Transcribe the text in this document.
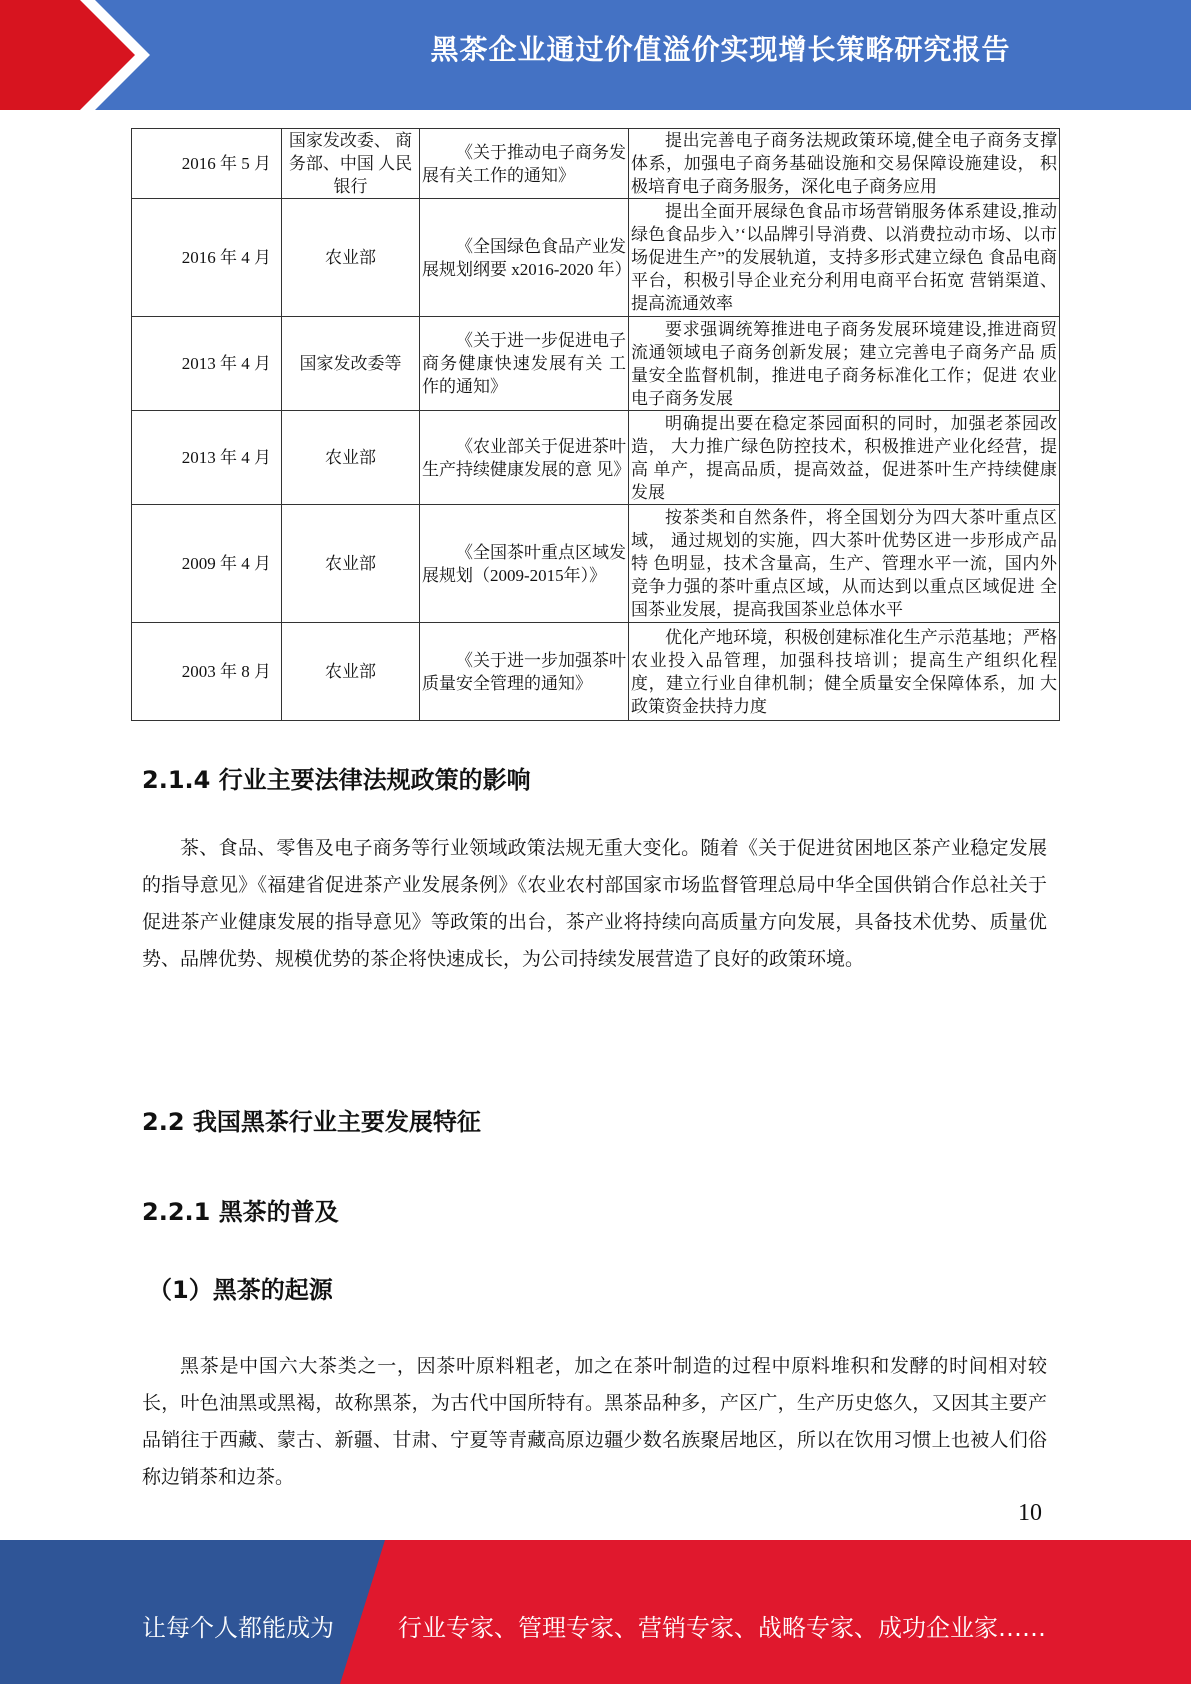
黑茶企业通过价值溢价实现增长策略研究报告
2016 年 5 月	国家发改委、 商务部、中国 人民银行	《关于推动电子商务发 展有关工作的通知》	提出完善电子商务法规政策环境,健全电子商务支撑体系，加强电子商务基础设施和交易保障设施建设， 积极培育电子商务服务，深化电子商务应用
2016 年 4 月	农业部	《全国绿色食品产业发 展规划纲要 x2016-2020 年）	提出全面开展绿色食品市场营销服务体系建设,推动绿色食品步入’‘以品牌引导消费、以消费拉动市场、以市场促进生产”的发展轨道，支持多形式建立绿色 食品电商平台，积极引导企业充分利用电商平台拓宽 营销渠道、提高流通效率
2013 年 4 月	国家发改委等	《关于进一步促进电子 商务健康快速发展有关 工作的通知》	要求强调统筹推进电子商务发展环境建设,推进商贸流通领域电子商务创新发展；建立完善电子商务产品 质量安全监督机制，推进电子商务标准化工作；促进 农业电子商务发展
2013 年 4 月	农业部	《农业部关于促进茶叶 生产持续健康发展的意 见》	明确提出要在稳定茶园面积的同时，加强老茶园改造， 大力推广绿色防控技术，积极推进产业化经营，提高 单产，提高品质，提高效益，促进茶叶生产持续健康发展
2009 年 4 月	农业部	《全国茶叶重点区域发 展规划（2009-2015年）》	按茶类和自然条件，将全国划分为四大茶叶重点区域， 通过规划的实施，四大茶叶优势区进一步形成产品特 色明显，技术含量高，生产、管理水平一流，国内外竞争力强的茶叶重点区域，从而达到以重点区域促进 全国茶业发展，提高我国茶业总体水平
2003 年 8 月	农业部	《关于进一步加强茶叶 质量安全管理的通知》	优化产地环境，积极创建标准化生产示范基地；严格农业投入品管理，加强科技培训；提高生产组织化程 度，建立行业自律机制；健全质量安全保障体系，加 大政策资金扶持力度
2.1.4 行业主要法律法规政策的影响
茶、食品、零售及电子商务等行业领域政策法规无重大变化。随着《关于促进贫困地区茶产业稳定发展的指导意见》《福建省促进茶产业发展条例》《农业农村部国家市场监督管理总局中华全国供销合作总社关于促进茶产业健康发展的指导意见》等政策的出台，茶产业将持续向高质量方向发展，具备技术优势、质量优势、品牌优势、规模优势的茶企将快速成长，为公司持续发展营造了良好的政策环境。
2.2 我国黑茶行业主要发展特征
2.2.1 黑茶的普及
（1）黑茶的起源
黑茶是中国六大茶类之一，因茶叶原料粗老，加之在茶叶制造的过程中原料堆积和发酵的时间相对较长，叶色油黑或黑褐，故称黑茶，为古代中国所特有。黑茶品种多，产区广，生产历史悠久，又因其主要产品销往于西藏、蒙古、新疆、甘肃、宁夏等青藏高原边疆少数名族聚居地区，所以在饮用习惯上也被人们俗称边销茶和边茶。
10
让每个人都能成为	行业专家、管理专家、营销专家、战略专家、成功企业家……
